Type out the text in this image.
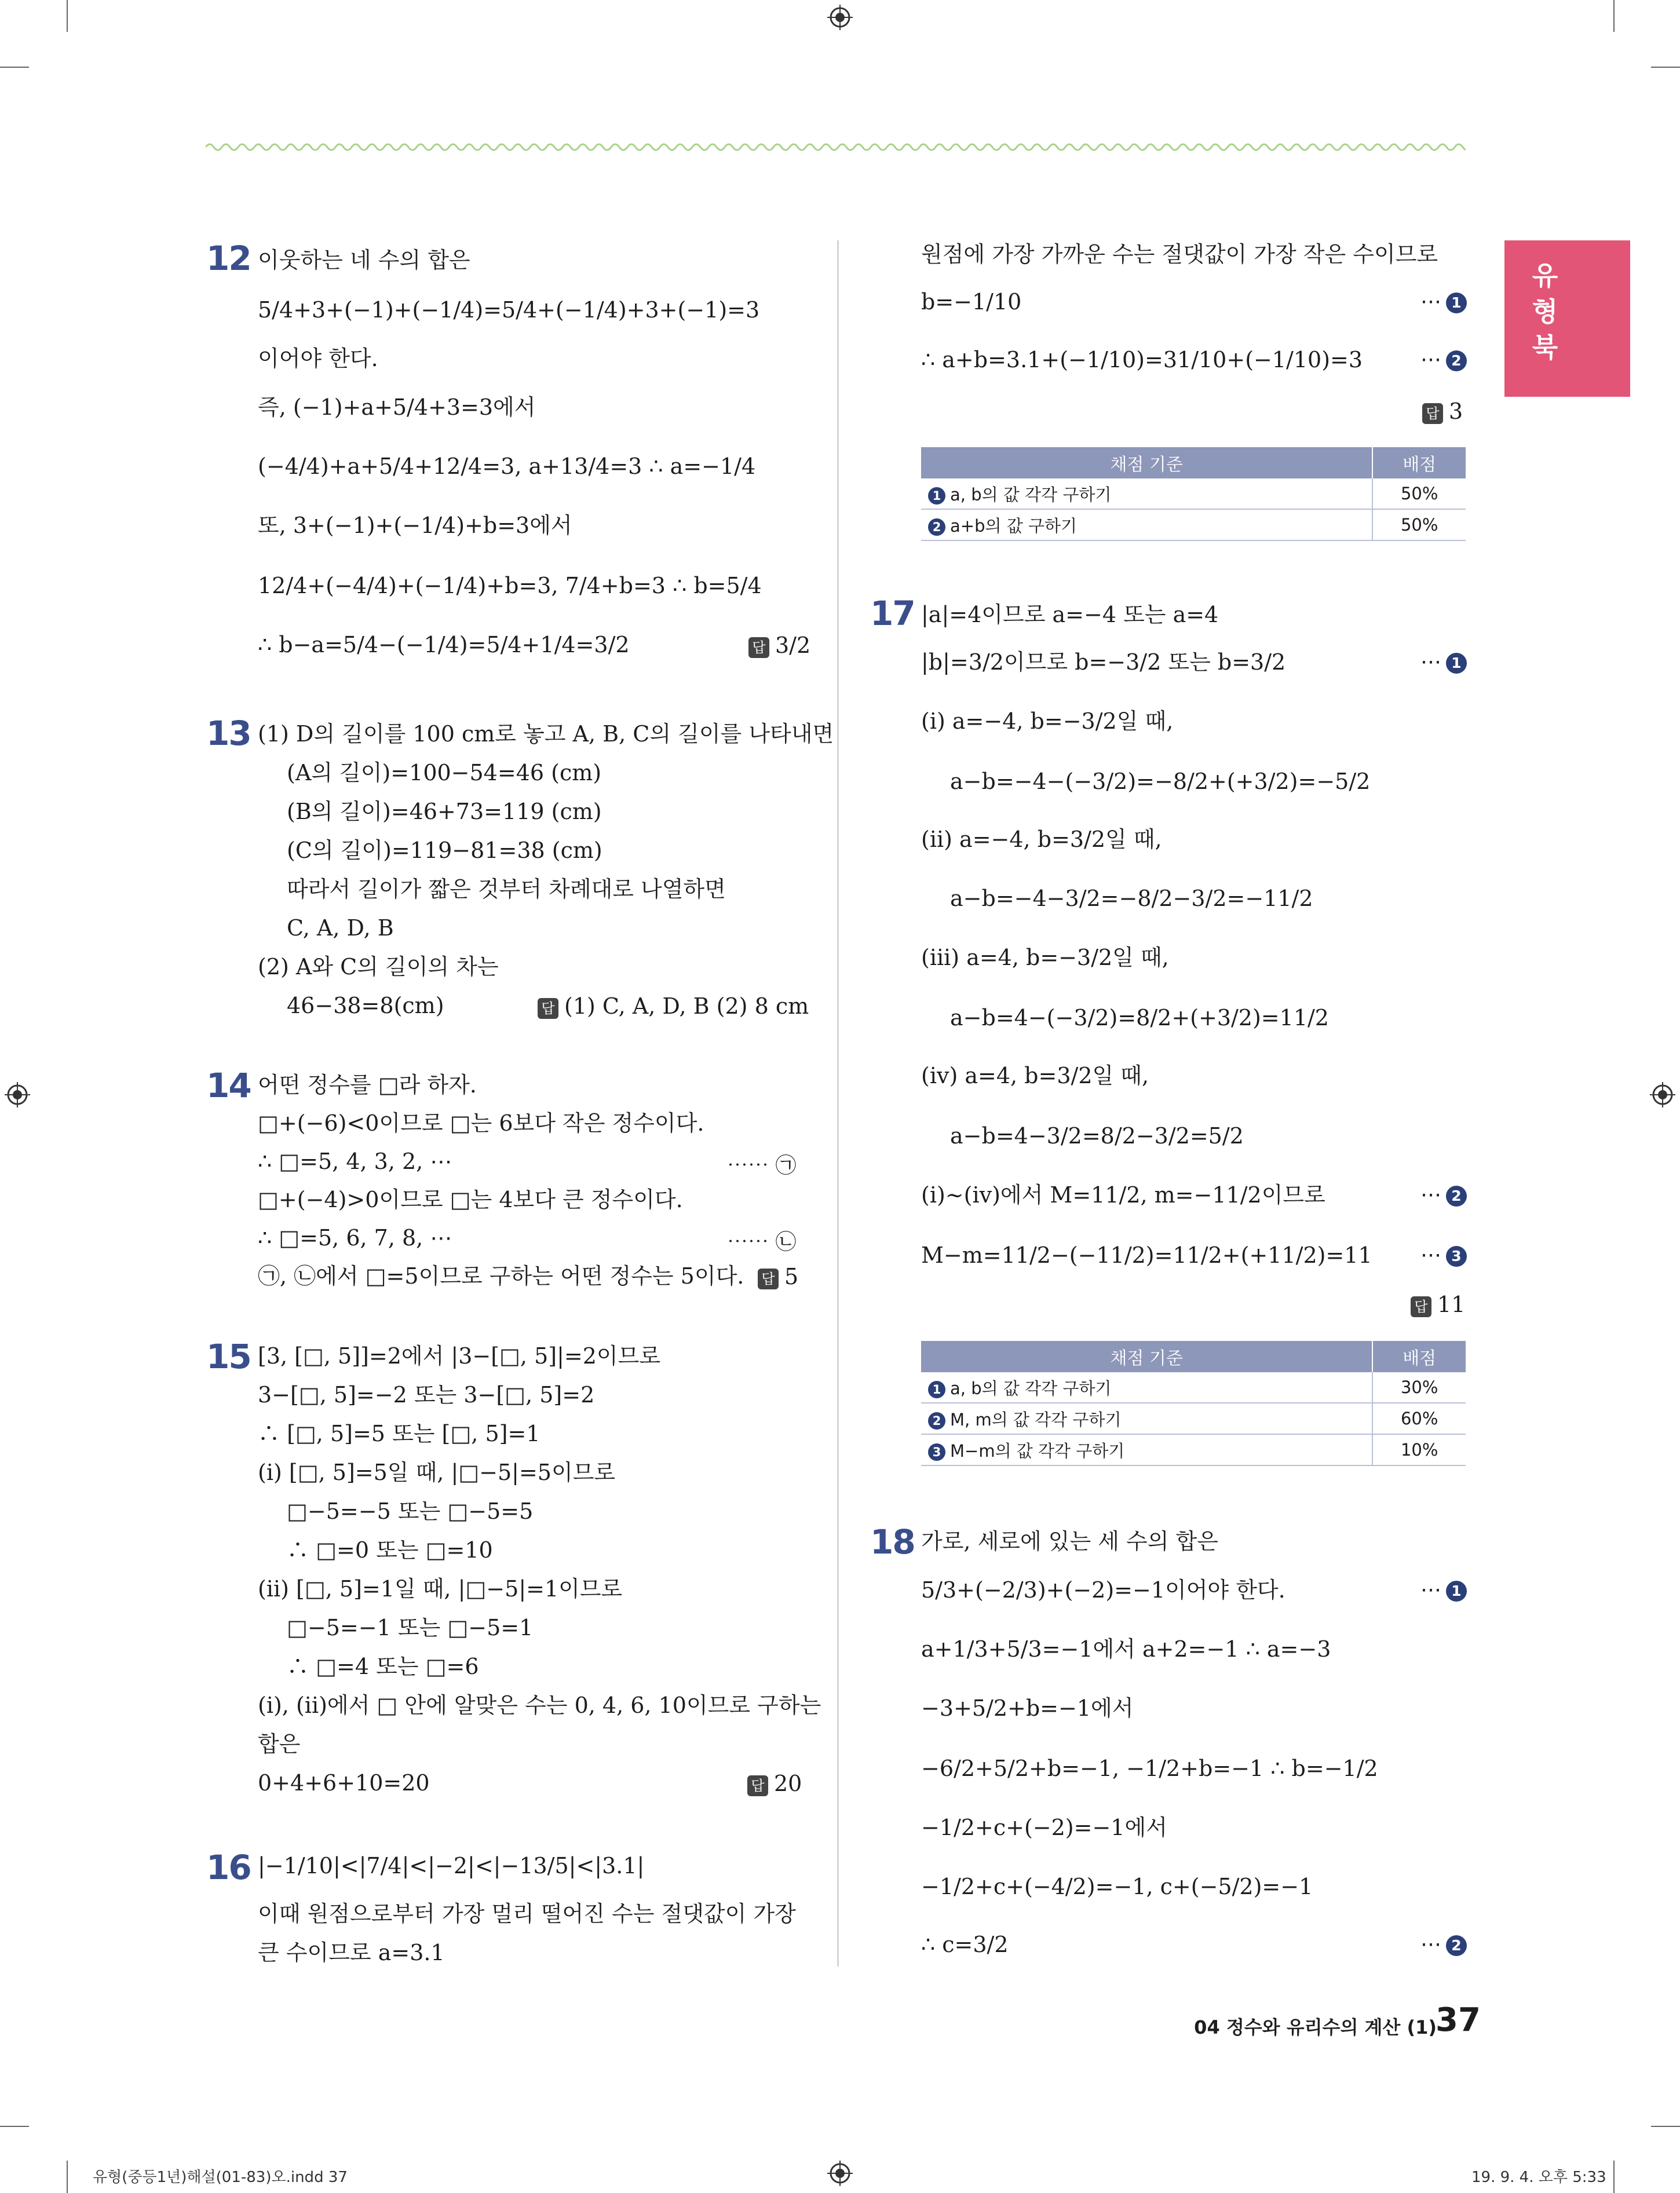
유
형
북
12 이웃하는 네 수의 합은
5/4+3+(−1)+(−1/4)=5/4+(−1/4)+3+(−1)=3
이어야 한다.
즉, (−1)+a+5/4+3=3에서
(−4/4)+a+5/4+12/4=3, a+13/4=3 ∴ a=−1/4
또, 3+(−1)+(−1/4)+b=3에서
12/4+(−4/4)+(−1/4)+b=3, 7/4+b=3 ∴ b=5/4
∴ b−a=5/4−(−1/4)=5/4+1/4=3/2	답 3/2
13 (1) D의 길이를 100 cm로 놓고 A, B, C의 길이를 나타내면
(A의 길이)=100−54=46 (cm)
(B의 길이)=46+73=119 (cm)
(C의 길이)=119−81=38 (cm)
따라서 길이가 짧은 것부터 차례대로 나열하면
C, A, D, B
(2) A와 C의 길이의 차는
46−38=8(cm)	답 (1) C, A, D, B (2) 8 cm
14 어떤 정수를 □라 하자.
□+(−6)<0이므로 □는 6보다 작은 정수이다.
∴ □=5, 4, 3, 2, ⋯	⋯⋯ ㉠
□+(−4)>0이므로 □는 4보다 큰 정수이다.
∴ □=5, 6, 7, 8, ⋯	⋯⋯ ㉡
㉠, ㉡에서 □=5이므로 구하는 어떤 정수는 5이다. 답 5
15 [3, [□, 5]]=2에서 |3−[□, 5]|=2이므로
3−[□, 5]=−2 또는 3−[□, 5]=2
∴ [□, 5]=5 또는 [□, 5]=1
(i) [□, 5]=5일 때, |□−5|=5이므로
□−5=−5 또는 □−5=5
∴ □=0 또는 □=10
(ii) [□, 5]=1일 때, |□−5|=1이므로
□−5=−1 또는 □−5=1
∴ □=4 또는 □=6
(i), (ii)에서 □ 안에 알맞은 수는 0, 4, 6, 10이므로 구하는
합은
0+4+6+10=20	답 20
16 |−1/10|<|7/4|<|−2|<|−13/5|<|3.1|
이때 원점으로부터 가장 멀리 떨어진 수는 절댓값이 가장
큰 수이므로 a=3.1
원점에 가장 가까운 수는 절댓값이 가장 작은 수이므로
b=−1/10	⋯ 1
∴ a+b=3.1+(−1/10)=31/10+(−1/10)=3	⋯ 2
답 3
채점 기준	배점
1 a, b의 값 각각 구하기	50%
2 a+b의 값 구하기	50%
17 |a|=4이므로 a=−4 또는 a=4
|b|=3/2이므로 b=−3/2 또는 b=3/2	⋯ 1
(i) a=−4, b=−3/2일 때,
a−b=−4−(−3/2)=−8/2+(+3/2)=−5/2
(ii) a=−4, b=3/2일 때,
a−b=−4−3/2=−8/2−3/2=−11/2
(iii) a=4, b=−3/2일 때,
a−b=4−(−3/2)=8/2+(+3/2)=11/2
(iv) a=4, b=3/2일 때,
a−b=4−3/2=8/2−3/2=5/2
(i)~(iv)에서 M=11/2, m=−11/2이므로	⋯ 2
M−m=11/2−(−11/2)=11/2+(+11/2)=11 ⋯ 3
답 11
채점 기준	배점
1 a, b의 값 각각 구하기	30%
2 M, m의 값 각각 구하기	60%
3 M−m의 값 각각 구하기	10%
18 가로, 세로에 있는 세 수의 합은
5/3+(−2/3)+(−2)=−1이어야 한다.	⋯ 1
a+1/3+5/3=−1에서 a+2=−1 ∴ a=−3
−3+5/2+b=−1에서
−6/2+5/2+b=−1, −1/2+b=−1 ∴ b=−1/2
−1/2+c+(−2)=−1에서
−1/2+c+(−4/2)=−1, c+(−5/2)=−1
∴ c=3/2	⋯ 2
04 정수와 유리수의 계산 (1)
37
유형(중등1년)해설(01-83)오.indd 37	19. 9. 4. 오후 5:33
